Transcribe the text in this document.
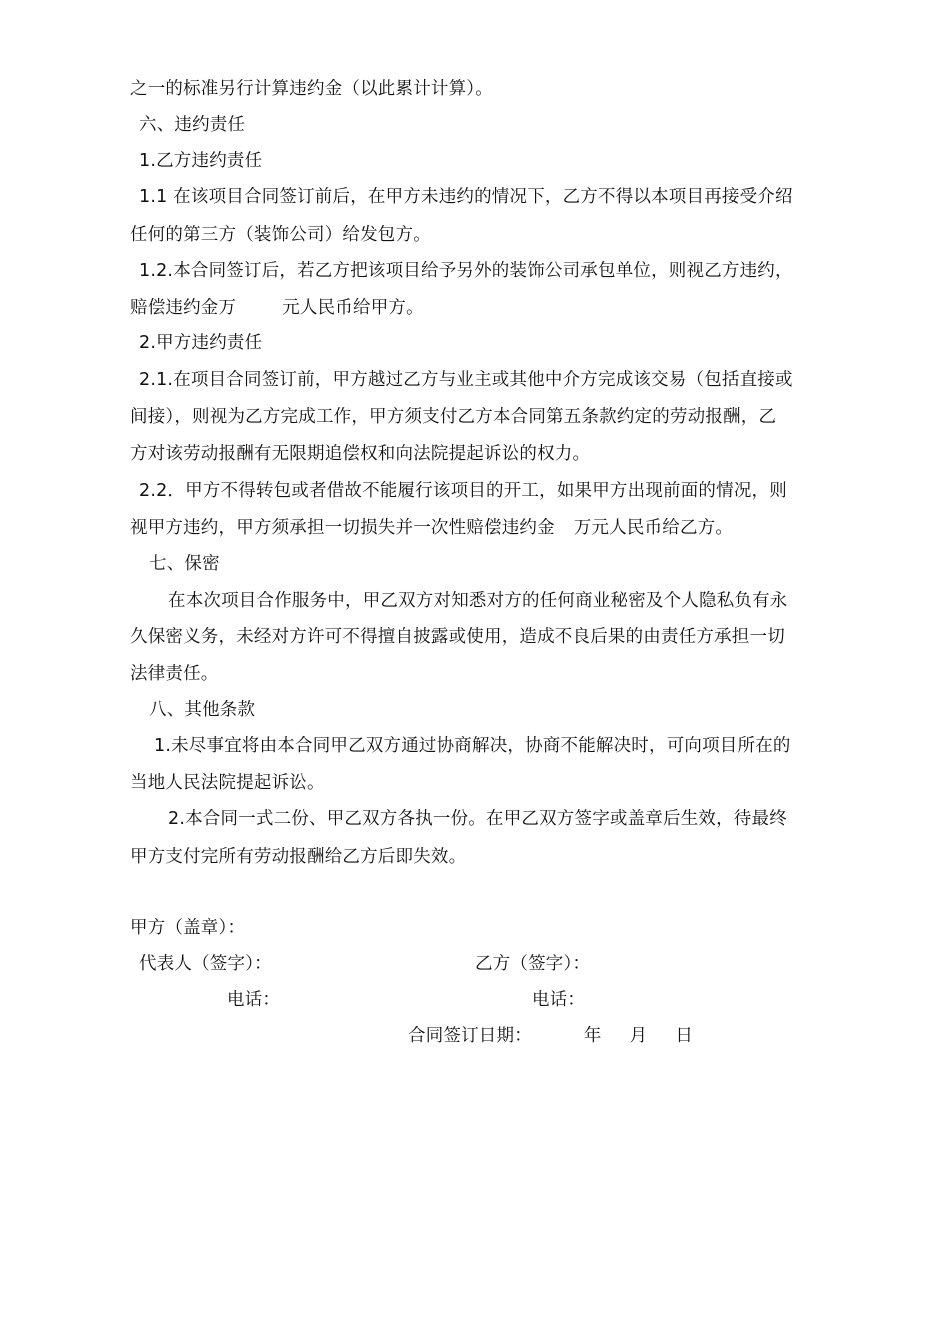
之一的标准另行计算违约金（以此累计计算）。
六、违约责任
1.乙方违约责任
1.1 在该项目合同签订前后，在甲方未违约的情况下，乙方不得以本项目再接受介绍
任何的第三方（装饰公司）给发包方。
1.2.本合同签订后，若乙方把该项目给予另外的装饰公司承包单位，则视乙方违约，
赔偿违约金万	元人民币给甲方。
2.甲方违约责任
2.1.在项目合同签订前，甲方越过乙方与业主或其他中介方完成该交易（包括直接或
间接），则视为乙方完成工作，甲方须支付乙方本合同第五条款约定的劳动报酬，乙
方对该劳动报酬有无限期追偿权和向法院提起诉讼的权力。
2.2．甲方不得转包或者借故不能履行该项目的开工，如果甲方出现前面的情况，则
视甲方违约，甲方须承担一切损失并一次性赔偿违约金 万元人民币给乙方。
七、保密
在本次项目合作服务中，甲乙双方对知悉对方的任何商业秘密及个人隐私负有永
久保密义务，未经对方许可不得擅自披露或使用，造成不良后果的由责任方承担一切
法律责任。
八、其他条款
1.未尽事宜将由本合同甲乙双方通过协商解决，协商不能解决时，可向项目所在的
当地人民法院提起诉讼。
2.本合同一式二份、甲乙双方各执一份。在甲乙双方签字或盖章后生效，待最终
甲方支付完所有劳动报酬给乙方后即失效。
甲方（盖章）：
代表人（签字）：	乙方（签字）：
电话：	电话：
合同签订日期：	年 月 日
